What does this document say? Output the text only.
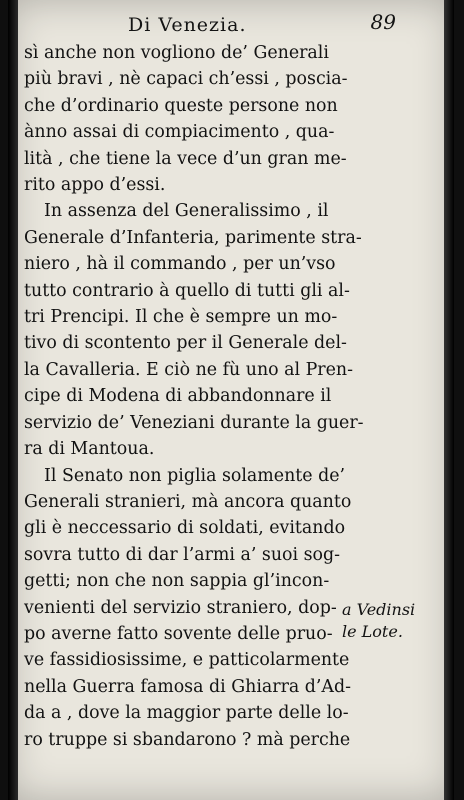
Di Venezia.	89
sì anche non vogliono de’ Generali
più bravi , nè capaci ch’essi , poscia-
che d’ordinario queste persone non
ànno assai di compiacimento , qua-
lità , che tiene la vece d’un gran me-
rito appo d’essi.
In assenza del Generalissimo , il
Generale d’Infanteria, parimente stra-
niero , hà il commando , per un’vso
tutto contrario à quello di tutti gli al-
tri Prencipi. Il che è sempre un mo-
tivo di scontento per il Generale del-
la Cavalleria. E ciò ne fù uno al Pren-
cipe di Modena di abbandonnare il
servizio de’ Veneziani durante la guer-
ra di Mantoua.
Il Senato non piglia solamente de’
Generali stranieri, mà ancora quanto
gli è neccessario di soldati, evitando
sovra tutto di dar l’armi a’ suoi sog-
getti; non che non sappia gl’incon-
venienti del servizio straniero, dop-
po averne fatto sovente delle pruo-
ve fassidiosissime, e patticolarmente
nella Guerra famosa di Ghiarra d’Ad-
da a , dove la maggior parte delle lo-
ro truppe si sbandarono ? mà perche
a Vedinsi
le Lote.
